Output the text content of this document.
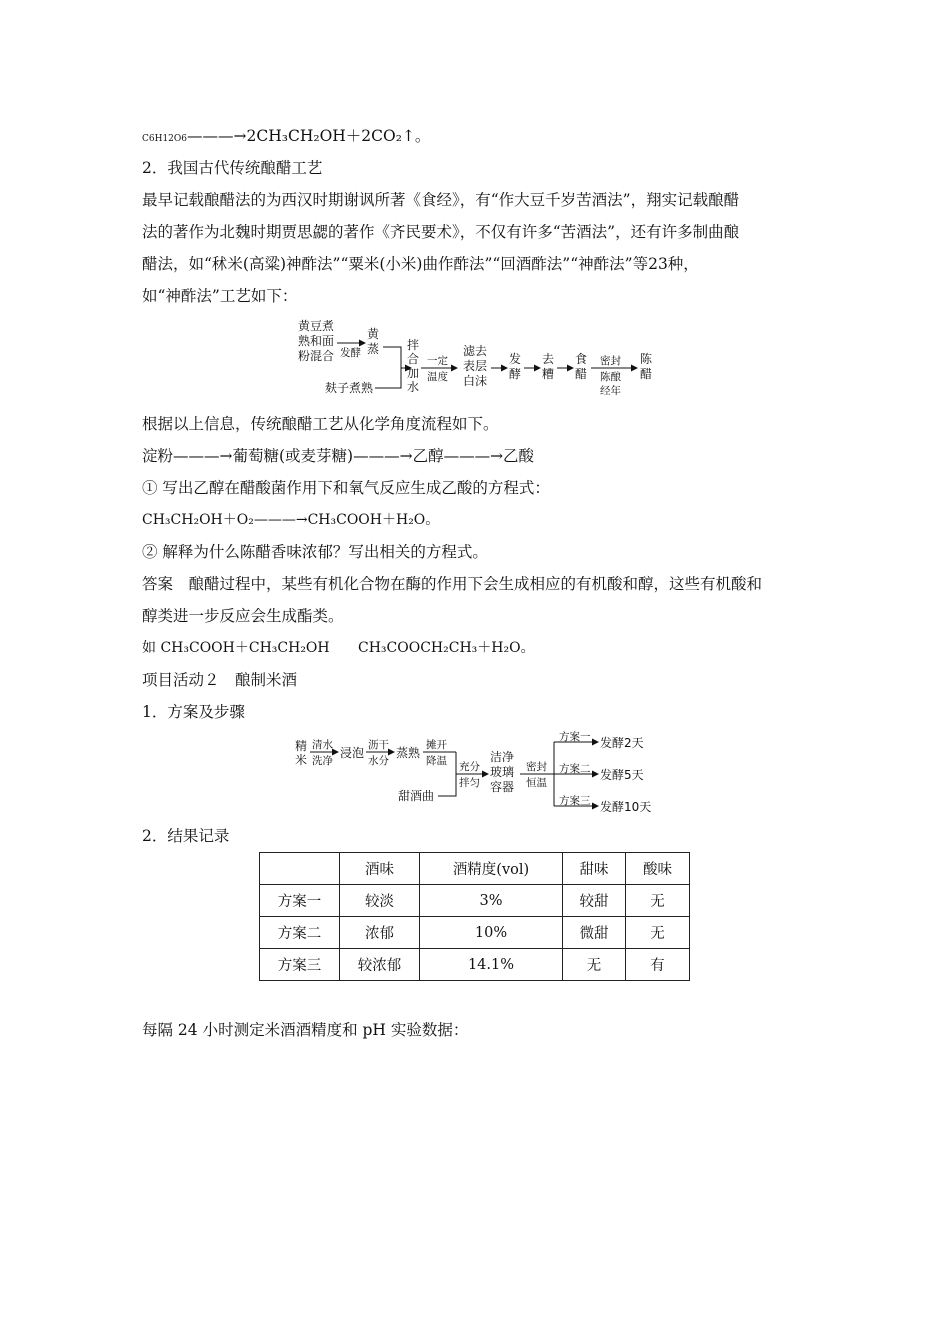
C6H12O6———→2CH₃CH₂OH＋2CO₂↑。
2．我国古代传统酿醋工艺
最早记载酿醋法的为西汉时期谢讽所著《食经》，有“作大豆千岁苦酒法”，翔实记载酿醋
法的著作为北魏时期贾思勰的著作《齐民要术》，不仅有许多“苦酒法”，还有许多制曲酿
醋法，如“秫米(高粱)神酢法”“粟米(小米)曲作酢法”“回酒酢法”“神酢法”等23种，
如“神酢法”工艺如下：
黄豆煮
熟和面
粉混合 发酵
黄
蒸
麸子煮熟
拌
合
加
水
一定
温度
滤去
表层
白沫
发
酵
去
糟
食
醋
密封
陈酿
经年
陈
醋
根据以上信息，传统酿醋工艺从化学角度流程如下。
淀粉———→葡萄糖(或麦芽糖)———→乙醇———→乙酸
① 写出乙醇在醋酸菌作用下和氧气反应生成乙酸的方程式：
CH₃CH₂OH＋O₂———→CH₃COOH＋H₂O。
② 解释为什么陈醋香味浓郁？写出相关的方程式。
答案　酿醋过程中，某些有机化合物在酶的作用下会生成相应的有机酸和醇，这些有机酸和
醇类进一步反应会生成酯类。
如 CH₃COOH＋CH₃CH₂OH CH₃COOCH₂CH₃＋H₂O。
项目活动２　酿制米酒
1．方案及步骤
精
米
清水
洗净
浸泡
沥干
水分
蒸熟
摊开
降温
甜酒曲
充分
拌匀
洁净
玻璃
容器
密封
恒温
方案一
方案二
方案三
发酵2天
发酵5天
发酵10天
2．结果记录
	酒味	酒精度(vol)	甜味	酸味
方案一	较淡	3%	较甜	无
方案二	浓郁	10%	微甜	无
方案三	较浓郁	14.1%	无	有
每隔 24 小时测定米酒酒精度和 pH 实验数据：
